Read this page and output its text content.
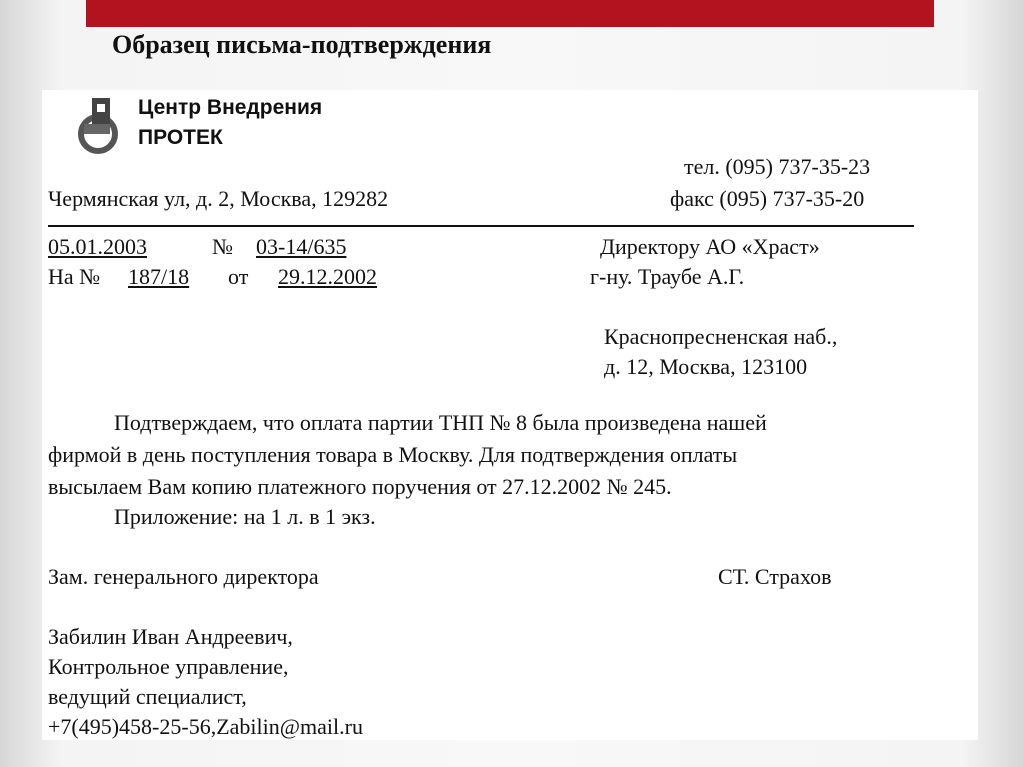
Образец письма-подтверждения
Центр Внедрения
ПРОТЕК
тел. (095) 737-35-23
Чермянская ул, д. 2, Москва, 129282	факс (095) 737-35-20
05.01.2003	№ 03-14/635	Директору АО «Храст»
На № 187/18 от 29.12.2002	г-ну. Траубе А.Г.
Краснопресненская наб.,
д. 12, Москва, 123100
Подтверждаем, что оплата партии ТНП № 8 была произведена нашей
фирмой в день поступления товара в Москву. Для подтверждения оплаты
высылаем Вам копию платежного поручения от 27.12.2002 № 245.
Приложение: на 1 л. в 1 экз.
Зам. генерального директора	СТ. Страхов
Забилин Иван Андреевич,
Контрольное управление,
ведущий специалист,
+7(495)458-25-56,Zabilin@mail.ru
